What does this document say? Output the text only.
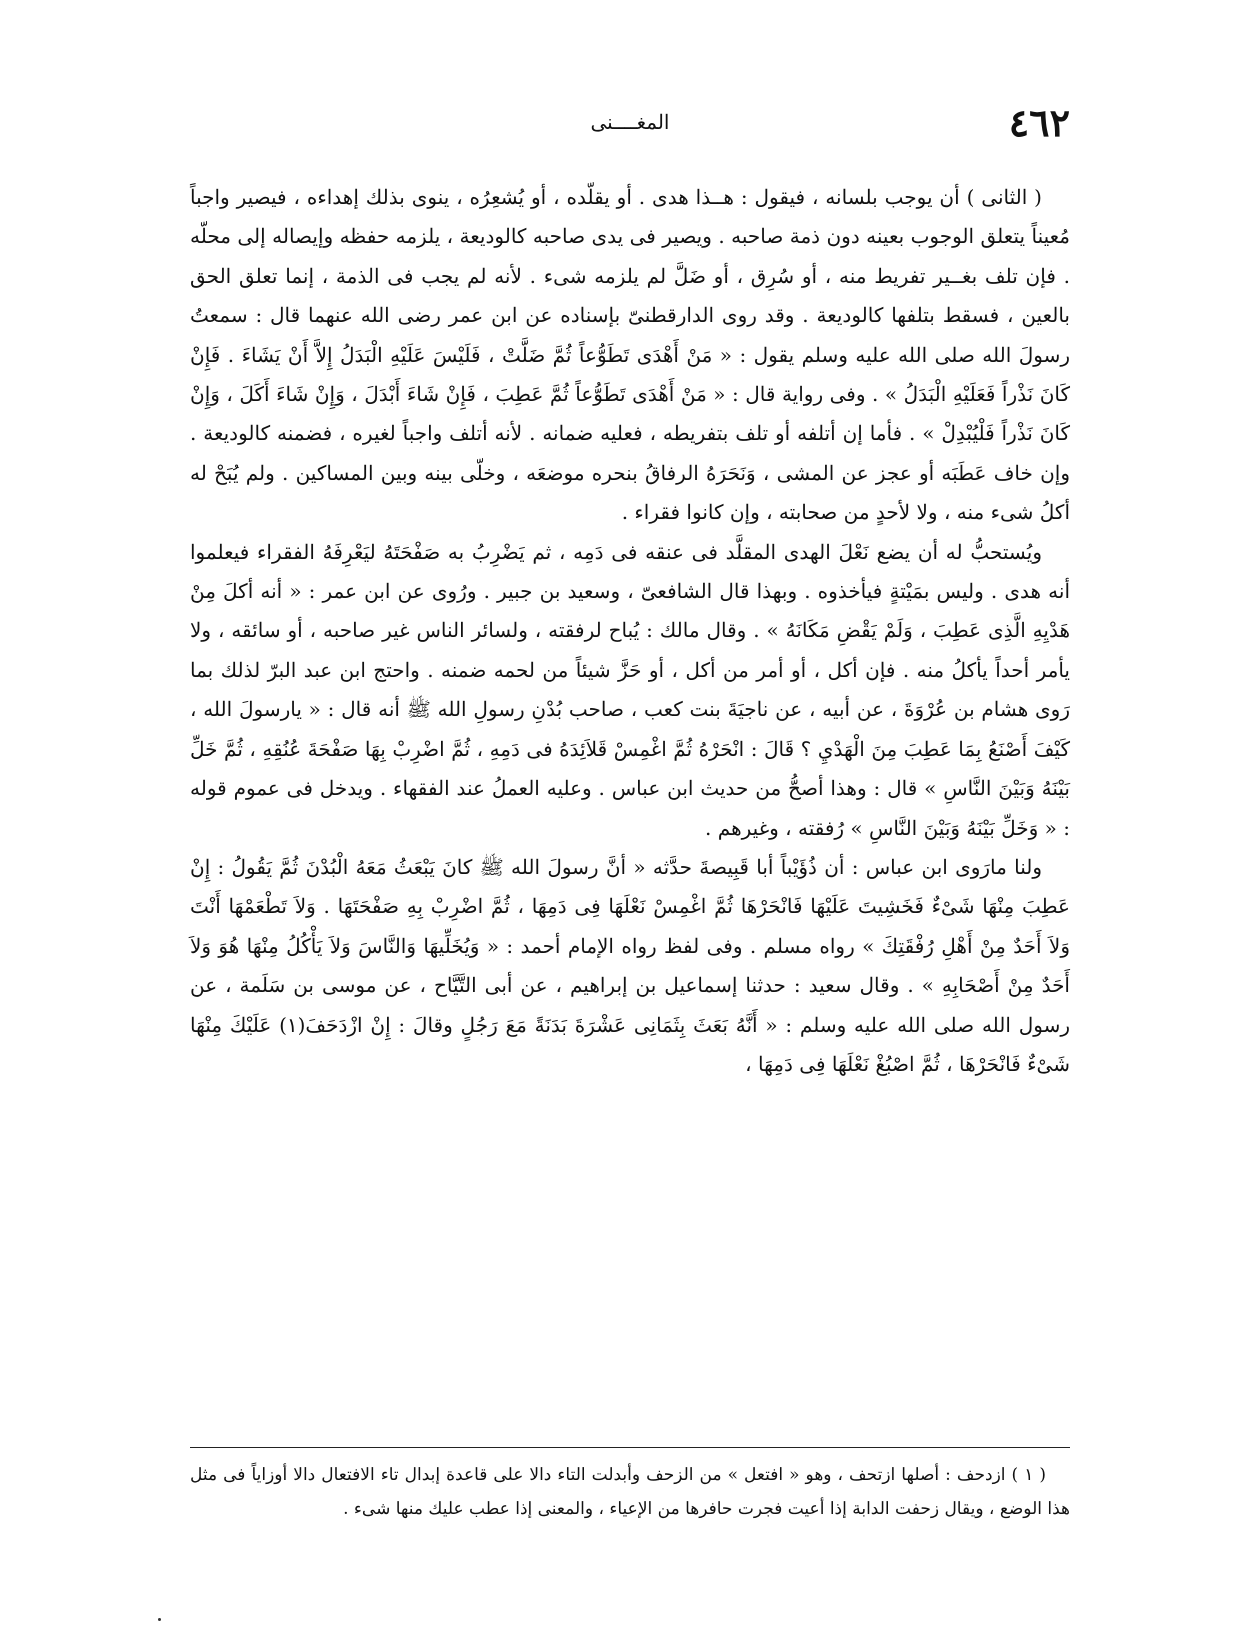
٤٦٢
المغــــنى

( الثانى ) أن يوجب بلسانه ، فيقول : هــذا هدى . أو يقلّده ، أو يُشعِرُه ، ينوى بذلك إهداءه ، فيصير واجباً مُعيناً يتعلق الوجوب بعينه دون ذمة صاحبه . ويصير فى يدى صاحبه كالوديعة ، يلزمه حفظه وإيصاله إلى محلّه . فإن تلف بغــير تفريط منه ، أو سُرِق ، أو ضَلَّ لم يلزمه شىء . لأنه لم يجب فى الذمة ، إنما تعلق الحق بالعين ، فسقط بتلفها كالوديعة . وقد روى الدارقطنىّ بإسناده عن ابن عمر رضى الله عنهما قال : سمعتُ رسولَ الله صلى الله عليه وسلم يقول : « مَنْ أَهْدَى تَطَوُّعاً ثُمَّ ضَلَّتْ ، فَلَيْسَ عَلَيْهِ الْبَدَلُ إِلاَّ أَنْ يَشَاءَ . فَإِنْ كَانَ نَذْراً فَعَلَيْهِ الْبَدَلُ » . وفى رواية قال : « مَنْ أَهْدَى تَطَوُّعاً ثُمَّ عَطِبَ ، فَإِنْ شَاءَ أَبْدَلَ ، وَإِنْ شَاءَ أَكَلَ ، وَإِنْ كَانَ نَذْراً فَلْيُبْدِلْ » . فأما إن أتلفه أو تلف بتفريطه ، فعليه ضمانه . لأنه أتلف واجباً لغيره ، فضمنه كالوديعة . وإن خاف عَطَبَه أو عجز عن المشى ، وَنَحَرَهُ الرفاقُ بنحره موضعَه ، وخلّى بينه وبين المساكين . ولم يُبَحْ له أكلُ شىء منه ، ولا لأحدٍ من صحابته ، وإن كانوا فقراء .

ويُستحبُّ له أن يضع نَعْلَ الهدى المقلَّد فى عنقه فى دَمِه ، ثم يَضْرِبُ به صَفْحَتَهُ ليَعْرِفَهُ الفقراء فيعلموا أنه هدى . وليس بمَيْتةٍ فيأخذوه . وبهذا قال الشافعىّ ، وسعيد بن جبير . ورُوى عن ابن عمر : « أنه أكلَ مِنْ هَدْيِهِ الَّذِى عَطِبَ ، وَلَمْ يَقْضِ مَكَانَهُ » . وقال مالك : يُباح لرفقته ، ولسائر الناس غير صاحبه ، أو سائقه ، ولا يأمر أحداً يأكلُ منه . فإن أكل ، أو أمر من أكل ، أو حَزَّ شيئاً من لحمه ضمنه . واحتج ابن عبد البرّ لذلك بما رَوى هشام بن عُرْوَةَ ، عن أبيه ، عن ناجيَةَ بنت كعب ، صاحب بُدْنِ رسولِ الله ﷺ أنه قال : « يارسولَ الله ، كَيْفَ أَصْنَعُ بِمَا عَطِبَ مِنَ الْهَدْيِ ؟ قَالَ : انْحَرْهُ ثُمَّ اغْمِسْ قَلاَئِدَهُ فى دَمِهِ ، ثُمَّ اضْرِبْ بِهَا صَفْحَةَ عُنُقِهِ ، ثُمَّ خَلِّ بَيْنَهُ وَبَيْنَ النَّاسِ » قال : وهذا أصحُّ من حديث ابن عباس . وعليه العملُ عند الفقهاء . ويدخل فى عموم قوله : « وَخَلِّ بَيْنَهُ وَبَيْنَ النَّاسِ » رُفقته ، وغيرهم .

ولنا مارَوى ابن عباس : أن ذُؤَيْباً أبا قَبِيصةَ حدَّثه « أنَّ رسولَ الله ﷺ كانَ يَبْعَثُ مَعَهُ الْبُدْنَ ثُمَّ يَقُولُ : إِنْ عَطِبَ مِنْهَا شَىْءٌ فَخَشِيتَ عَلَيْهَا فَانْحَرْهَا ثُمَّ اغْمِسْ نَعْلَهَا فِى دَمِهَا ، ثُمَّ اضْرِبْ بِهِ صَفْحَتَهَا . وَلاَ تَطْعَمْهَا أَنْتَ وَلاَ أَحَدٌ مِنْ أَهْلِ رُفْقَتِكَ » رواه مسلم . وفى لفظ رواه الإمام أحمد : « وَيُخَلِّيهَا وَالنَّاسَ وَلاَ يَأْكُلُ مِنْهَا هُوَ وَلاَ أَحَدٌ مِنْ أَصْحَابِهِ » . وقال سعيد : حدثنا إسماعيل بن إبراهيم ، عن أبى التَّيَّاح ، عن موسى بن سَلَمة ، عن رسول الله صلى الله عليه وسلم : « أَنَّهُ بَعَثَ بِثَمَانِى عَشْرَةَ بَدَنَةً مَعَ رَجُلٍ وقالَ : إِنْ ازْدَحَفَ(١) عَلَيْكَ مِنْهَا شَىْءٌ فَانْحَرْهَا ، ثُمَّ اصْبُغْ نَعْلَهَا فِى دَمِهَا ،

( ١ ) ازدحف : أصلها ازتحف ، وهو « افتعل » من الزحف وأبدلت التاء دالا على قاعدة إبدال تاء الافتعال دالا أوزاياً فى مثل هذا الوضع ، ويقال زحفت الدابة إذا أعيت فجرت حافرها من الإعياء ، والمعنى إذا عطب عليك منها شىء .
